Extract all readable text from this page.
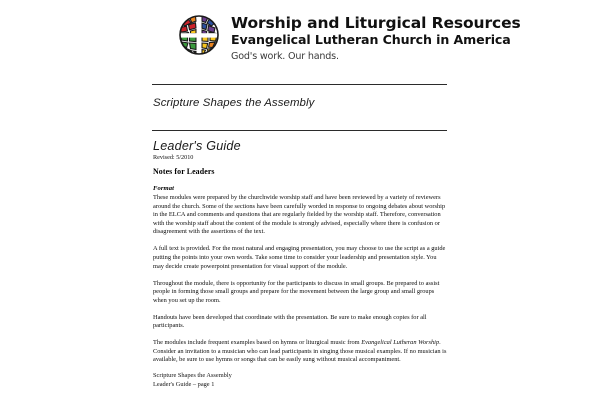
Worship and Liturgical Resources
Evangelical Lutheran Church in America
God's work. Our hands.
Scripture Shapes the Assembly
Leader's Guide
Revised: 5/2010
Notes for Leaders
Format

These modules were prepared by the churchwide worship staff and have been reviewed by a variety of reviewers around the church. Some of the sections have been carefully worded in response to ongoing debates about worship in the ELCA and comments and questions that are regularly fielded by the worship staff. Therefore, conversation with the worship staff about the content of the module is strongly advised, especially where there is confusion or disagreement with the assertions of the text.

A full text is provided. For the most natural and engaging presentation, you may choose to use the script as a guide putting the points into your own words. Take some time to consider your leadership and presentation style. You may decide create powerpoint presentation for visual support of the module.

Throughout the module, there is opportunity for the participants to discuss in small groups. Be prepared to assist people in forming those small groups and prepare for the movement between the large group and small groups when you set up the room.

Handouts have been developed that coordinate with the presentation. Be sure to make enough copies for all participants.

The modules include frequent examples based on hymns or liturgical music from Evangelical Lutheran Worship. Consider an invitation to a musician who can lead participants in singing those musical examples. If no musician is available, be sure to use hymns or songs that can be easily sung without musical accompaniment.

Scripture Shapes the Assembly
Leader's Guide – page 1
